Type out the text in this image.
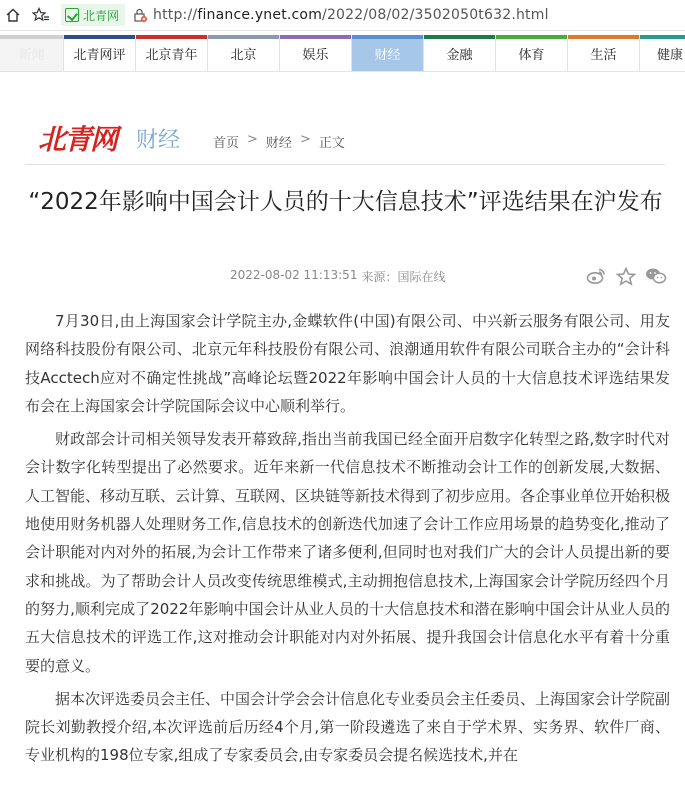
北青网 http://finance.ynet.com/2022/08/02/3502050t632.html
新闻 北青网评 北京青年	北京	娱乐	财经	金融	体育	生活	健康
北青网 财经	首页 > 财经 > 正文
“2022年影响中国会计人员的十大信息技术”评选结果在沪发布
2022-08-02 11:13:51 来源： 国际在线

7月30日,由上海国家会计学院主办,金蝶软件(中国)有限公司、中兴新云服务有限公司、用友网络科技股份有限公司、北京元年科技股份有限公司、浪潮通用软件有限公司联合主办的“会计科技Acctech应对不确定性挑战”高峰论坛暨2022年影响中国会计人员的十大信息技术评选结果发布会在上海国家会计学院国际会议中心顺利举行。

财政部会计司相关领导发表开幕致辞,指出当前我国已经全面开启数字化转型之路,数字时代对会计数字化转型提出了必然要求。近年来新一代信息技术不断推动会计工作的创新发展,大数据、人工智能、移动互联、云计算、互联网、区块链等新技术得到了初步应用。各企事业单位开始积极地使用财务机器人处理财务工作,信息技术的创新迭代加速了会计工作应用场景的趋势变化,推动了会计职能对内对外的拓展,为会计工作带来了诸多便利,但同时也对我们广大的会计人员提出新的要求和挑战。为了帮助会计人员改变传统思维模式,主动拥抱信息技术,上海国家会计学院历经四个月的努力,顺利完成了2022年影响中国会计从业人员的十大信息技术和潜在影响中国会计从业人员的五大信息技术的评选工作,这对推动会计职能对内对外拓展、提升我国会计信息化水平有着十分重要的意义。

据本次评选委员会主任、中国会计学会会计信息化专业委员会主任委员、上海国家会计学院副院长刘勤教授介绍,本次评选前后历经4个月,第一阶段遴选了来自于学术界、实务界、软件厂商、专业机构的198位专家,组成了专家委员会,由专家委员会提名候选技术,并在
